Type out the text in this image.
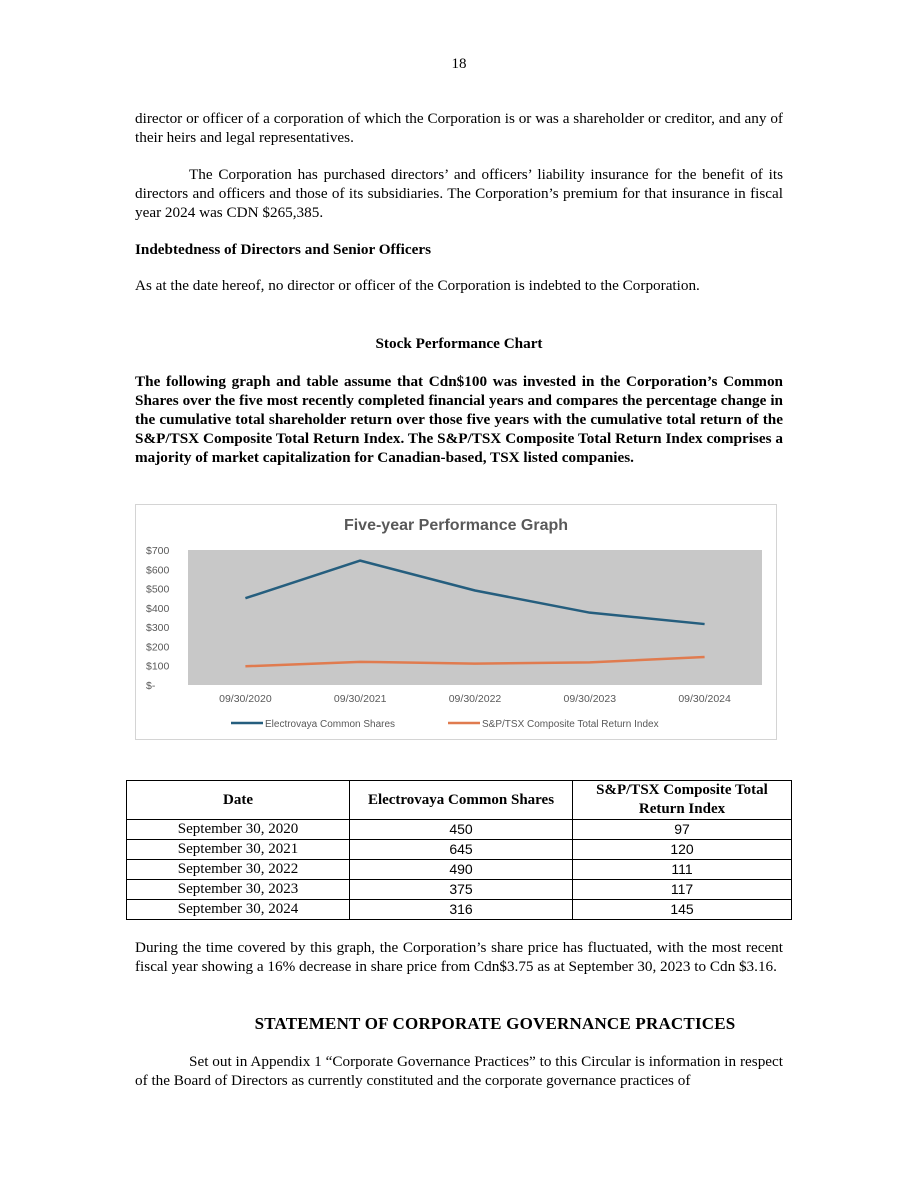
18

director or officer of a corporation of which the Corporation is or was a shareholder or creditor, and any of their heirs and legal representatives.

The Corporation has purchased directors’ and officers’ liability insurance for the benefit of its directors and officers and those of its subsidiaries. The Corporation’s premium for that insurance in fiscal year 2024 was CDN $265,385.

Indebtedness of Directors and Senior Officers

As at the date hereof, no director or officer of the Corporation is indebted to the Corporation.

Stock Performance Chart

The following graph and table assume that Cdn$100 was invested in the Corporation’s Common Shares over the five most recently completed financial years and compares the percentage change in the cumulative total shareholder return over those five years with the cumulative total return of the S&P/TSX Composite Total Return Index. The S&P/TSX Composite Total Return Index comprises a majority of market capitalization for Canadian-based, TSX listed companies.

Five-year Performance Graph
$-
$100
$200
$300
$400
$500
$600
$700
09/30/2020	09/30/2021	09/30/2022	09/30/2023	09/30/2024
Electrovaya Common Shares	S&P/TSX Composite Total Return Index
Date	Electrovaya Common Shares	S&P/TSX Composite Total Return Index
September 30, 2020	450	97
September 30, 2021	645	120
September 30, 2022	490	111
September 30, 2023	375	117
September 30, 2024	316	145

During the time covered by this graph, the Corporation’s share price has fluctuated, with the most recent fiscal year showing a 16% decrease in share price from Cdn$3.75 as at September 30, 2023 to Cdn $3.16.

STATEMENT OF CORPORATE GOVERNANCE PRACTICES

Set out in Appendix 1 “Corporate Governance Practices” to this Circular is information in respect of the Board of Directors as currently constituted and the corporate governance practices of
